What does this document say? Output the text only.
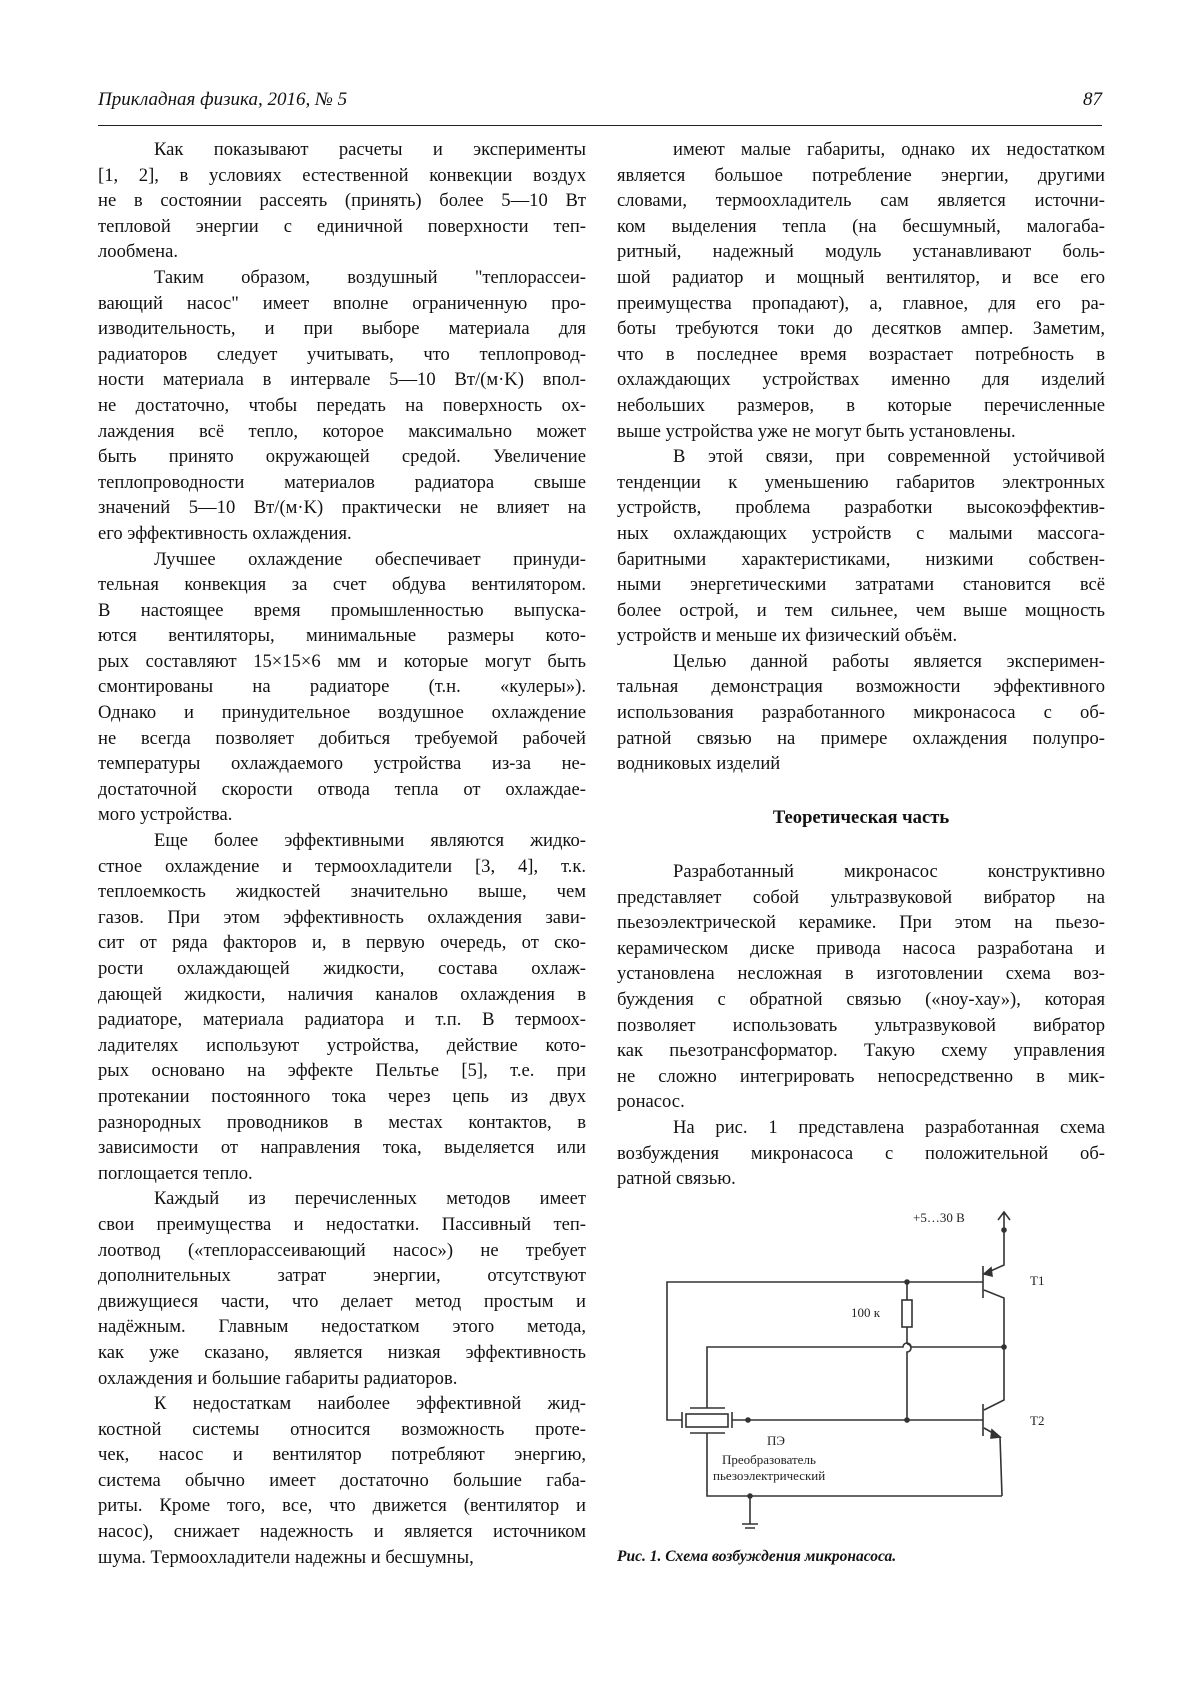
Прикладная физика, 2016, № 5	87
Как показывают расчеты и эксперименты
[1, 2], в условиях естественной конвекции воздух
не в состоянии рассеять (принять) более 5—10 Вт
тепловой энергии с единичной поверхности теп-
лообмена.
Таким образом, воздушный "теплорассеи-
вающий насос" имеет вполне ограниченную про-
изводительность, и при выборе материала для
радиаторов следует учитывать, что теплопровод-
ности материала в интервале 5—10 Вт/(м·K) впол-
не достаточно, чтобы передать на поверхность ох-
лаждения всё тепло, которое максимально может
быть принято окружающей средой. Увеличение
теплопроводности материалов радиатора свыше
значений 5—10 Вт/(м·K) практически не влияет на
его эффективность охлаждения.
Лучшее охлаждение обеспечивает принуди-
тельная конвекция за счет обдува вентилятором.
В настоящее время промышленностью выпуска-
ются вентиляторы, минимальные размеры кото-
рых составляют 15×15×6 мм и которые могут быть
смонтированы на радиаторе (т.н. «кулеры»).
Однако и принудительное воздушное охлаждение
не всегда позволяет добиться требуемой рабочей
температуры охлаждаемого устройства из-за не-
достаточной скорости отвода тепла от охлаждае-
мого устройства.
Еще более эффективными являются жидко-
стное охлаждение и термоохладители [3, 4], т.к.
теплоемкость жидкостей значительно выше, чем
газов. При этом эффективность охлаждения зави-
сит от ряда факторов и, в первую очередь, от ско-
рости охлаждающей жидкости, состава охлаж-
дающей жидкости, наличия каналов охлаждения в
радиаторе, материала радиатора и т.п. В термоох-
ладителях используют устройства, действие кото-
рых основано на эффекте Пельтье [5], т.е. при
протекании постоянного тока через цепь из двух
разнородных проводников в местах контактов, в
зависимости от направления тока, выделяется или
поглощается тепло.
Каждый из перечисленных методов имеет
свои преимущества и недостатки. Пассивный теп-
лоотвод («теплорассеивающий насос») не требует
дополнительных затрат энергии, отсутствуют
движущиеся части, что делает метод простым и
надёжным. Главным недостатком этого метода,
как уже сказано, является низкая эффективность
охлаждения и большие габариты радиаторов.
К недостаткам наиболее эффективной жид-
костной системы относится возможность проте-
чек, насос и вентилятор потребляют энергию,
система обычно имеет достаточно большие габа-
риты. Кроме того, все, что движется (вентилятор и
насос), снижает надежность и является источником
шума. Термоохладители надежны и бесшумны,
имеют малые габариты, однако их недостатком
является большое потребление энергии, другими
словами, термоохладитель сам является источни-
ком выделения тепла (на бесшумный, малогаба-
ритный, надежный модуль устанавливают боль-
шой радиатор и мощный вентилятор, и все его
преимущества пропадают), а, главное, для его ра-
боты требуются токи до десятков ампер. Заметим,
что в последнее время возрастает потребность в
охлаждающих устройствах именно для изделий
небольших размеров, в которые перечисленные
выше устройства уже не могут быть установлены.
В этой связи, при современной устойчивой
тенденции к уменьшению габаритов электронных
устройств, проблема разработки высокоэффектив-
ных охлаждающих устройств с малыми массога-
баритными характеристиками, низкими собствен-
ными энергетическими затратами становится всё
более острой, и тем сильнее, чем выше мощность
устройств и меньше их физический объём.
Целью данной работы является эксперимен-
тальная демонстрация возможности эффективного
использования разработанного микронасоса с об-
ратной связью на примере охлаждения полупро-
водниковых изделий
Теоретическая часть
Разработанный микронасос конструктивно
представляет собой ультразвуковой вибратор на
пьезоэлектрической керамике. При этом на пьезо-
керамическом диске привода насоса разработана и
установлена несложная в изготовлении схема воз-
буждения с обратной связью («ноу-хау»), которая
позволяет использовать ультразвуковой вибратор
как пьезотрансформатор. Такую схему управления
не сложно интегрировать непосредственно в мик-
ронасос.
На рис. 1 представлена разработанная схема
возбуждения микронасоса с положительной об-
ратной связью.
+5…30 В
T1
100 к
T2
ПЭ
Преобразователь
пьезоэлектрический
Рис. 1. Схема возбуждения микронасоса.
